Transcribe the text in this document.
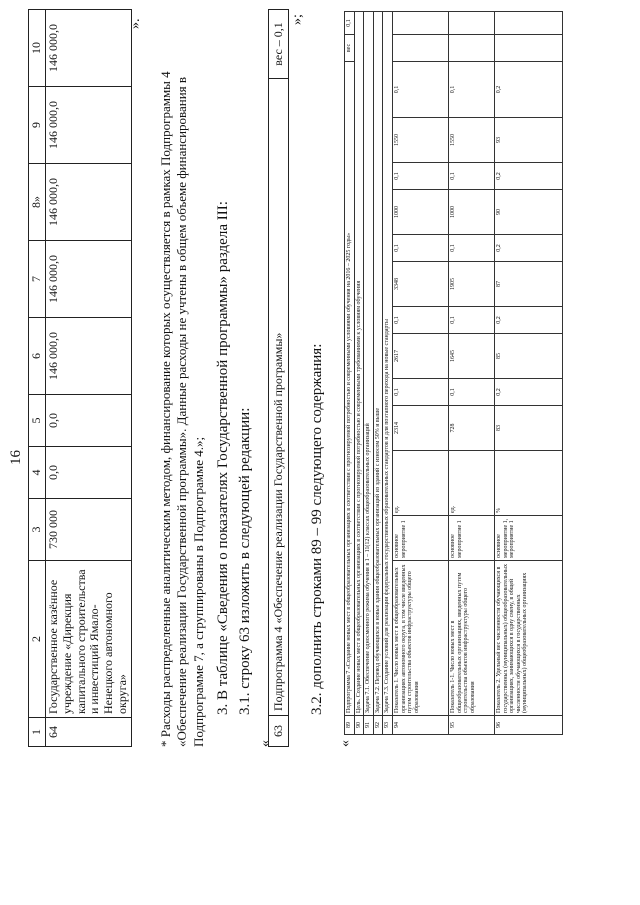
16
1	2	3	4	5	6	7	8»	9	10
64	Государственное казённое учреждение «Дирекция капитального строительства и инвестиций Ямало-Ненецкого автономного округа»	730 000	0,0	0,0	146 000,0	146 000,0	146 000,0	146 000,0	146 000,0
».
* Расходы распределенные аналитическим методом, финансирование которых осуществляется в рамках Подпрограммы 4 «Обеспечение реализации Государственной программы». Данные расходы не учтены в общем объеме финансирования в Подпрограмме 7, а сгруппированы в Подпрограмме 4.»; 3. В таблице «Сведения о показателях Государственной программы» раздела III: 3.1. строку 63 изложить в следующей редакции:
«
63	Подпрограмма 4 «Обеспечение реализации Государственной программы»	вес – 0,1
»;
3.2. дополнить строками 89 – 99 следующего содержания:
«
89	Подпрограмма 7 «Создание новых мест в общеобразовательных организациях в соответствии с прогнозируемой потребностью и современными условиями обучения на 2016 – 2025 годы»													вес	0,1
90	Цель. Создание новых мест в общеобразовательных организациях в соответствии с прогнозируемой потребностью и современными требованиями к условиям обучения														
91	Задача 7.1. Обеспечение односменного режима обучения в 1 – 11(12) классах общеобразовательных организаций														
92	Задача 7.2. Перевод обучающихся в новые здания общеобразовательных организаций из зданий с износом 50% и выше														
93	Задача 7.3. Создание условий для реализации федеральных государственных образовательных стандартов и для поэтапного перехода на новые стандарты														
94	Показатель 1. Число новых мест в общеобразовательных организациях автономного округа, в том числе введенных путем строительства объектов инфраструктуры общего образования	основное мероприятие 1	ед.	2314	0,1	2617	0,1	3348	0,1	1000	0,1	1550	0,1		
95	Показатель 1-1. Число новых мест в общеобразовательных организациях, введенных путем строительства объектов инфраструктуры общего образования	основное мероприятие 1	ед.	728	0,1	1645	0,1	1905	0,1	1000	0,1	1550	0,1		
96	Показатель 2. Удельный вес численности обучающихся в государственных (муниципальных) общеобразовательных организациях, занимающихся в одну смену, в общей численности обучающихся в государственных (муниципальных) общеобразовательных организациях	основное мероприятие 1, мероприятие 1	%	83	0,2	85	0,2	87	0,2	90	0,2	93	0,2		
